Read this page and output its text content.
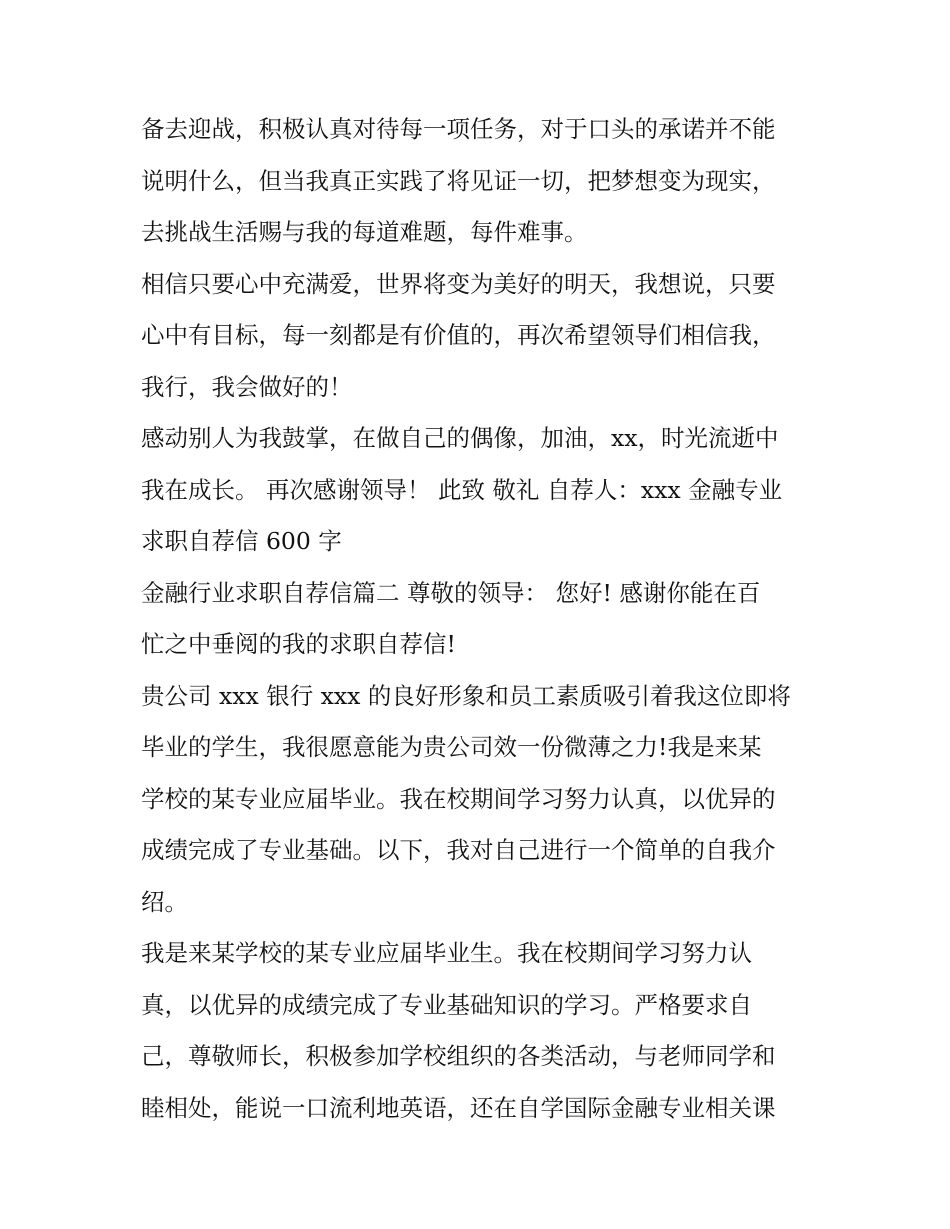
备去迎战，积极认真对待每一项任务，对于口头的承诺并不能
说明什么，但当我真正实践了将见证一切，把梦想变为现实，
去挑战生活赐与我的每道难题，每件难事。
相信只要心中充满爱，世界将变为美好的明天，我想说，只要
心中有目标，每一刻都是有价值的，再次希望领导们相信我，
我行，我会做好的！
感动别人为我鼓掌，在做自己的偶像，加油，xx，时光流逝中
我在成长。 再次感谢领导！ 此致 敬礼 自荐人：xxx 金融专业
求职自荐信 600 字
金融行业求职自荐信篇二 尊敬的领导： 您好! 感谢你能在百
忙之中垂阅的我的求职自荐信!
贵公司 xxx 银行 xxx 的良好形象和员工素质吸引着我这位即将
毕业的学生，我很愿意能为贵公司效一份微薄之力!我是来某
学校的某专业应届毕业。我在校期间学习努力认真，以优异的
成绩完成了专业基础。以下，我对自己进行一个简单的自我介
绍。
我是来某学校的某专业应届毕业生。我在校期间学习努力认
真，以优异的成绩完成了专业基础知识的学习。严格要求自
己，尊敬师长，积极参加学校组织的各类活动，与老师同学和
睦相处，能说一口流利地英语，还在自学国际金融专业相关课
